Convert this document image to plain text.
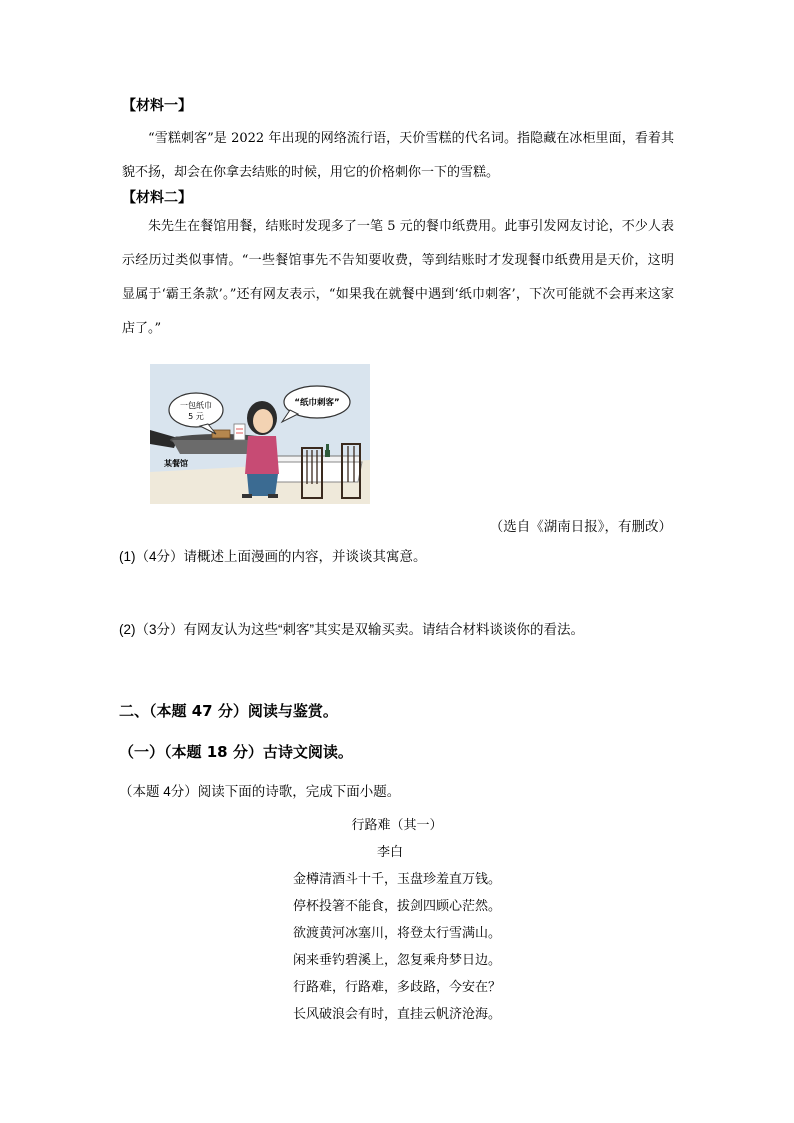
【材料一】
“雪糕刺客”是 2022 年出现的网络流行语，天价雪糕的代名词。指隐藏在冰柜里面，看着其貌不扬，却会在你拿去结账的时候，用它的价格刺你一下的雪糕。
【材料二】
朱先生在餐馆用餐，结账时发现多了一笔 5 元的餐巾纸费用。此事引发网友讨论，不少人表示经历过类似事情。“一些餐馆事先不告知要收费，等到结账时才发现餐巾纸费用是天价，这明显属于‘霸王条款’。”还有网友表示，“如果我在就餐中遇到‘纸巾刺客’，下次可能就不会再来这家店了。”
一包纸巾
5 元
“纸巾刺客”
某餐馆
（选自《湖南日报》，有删改）
(1)（4分）请概述上面漫画的内容，并谈谈其寓意。
(2)（3分）有网友认为这些“刺客”其实是双输买卖。请结合材料谈谈你的看法。
二、（本题 47 分）阅读与鉴赏。
（一）（本题 18 分）古诗文阅读。
（本题 4分）阅读下面的诗歌，完成下面小题。
行路难（其一）
李白
金樽清酒斗十千，玉盘珍羞直万钱。
停杯投箸不能食，拔剑四顾心茫然。
欲渡黄河冰塞川，将登太行雪满山。
闲来垂钓碧溪上，忽复乘舟梦日边。
行路难，行路难，多歧路，今安在？
长风破浪会有时，直挂云帆济沧海。
